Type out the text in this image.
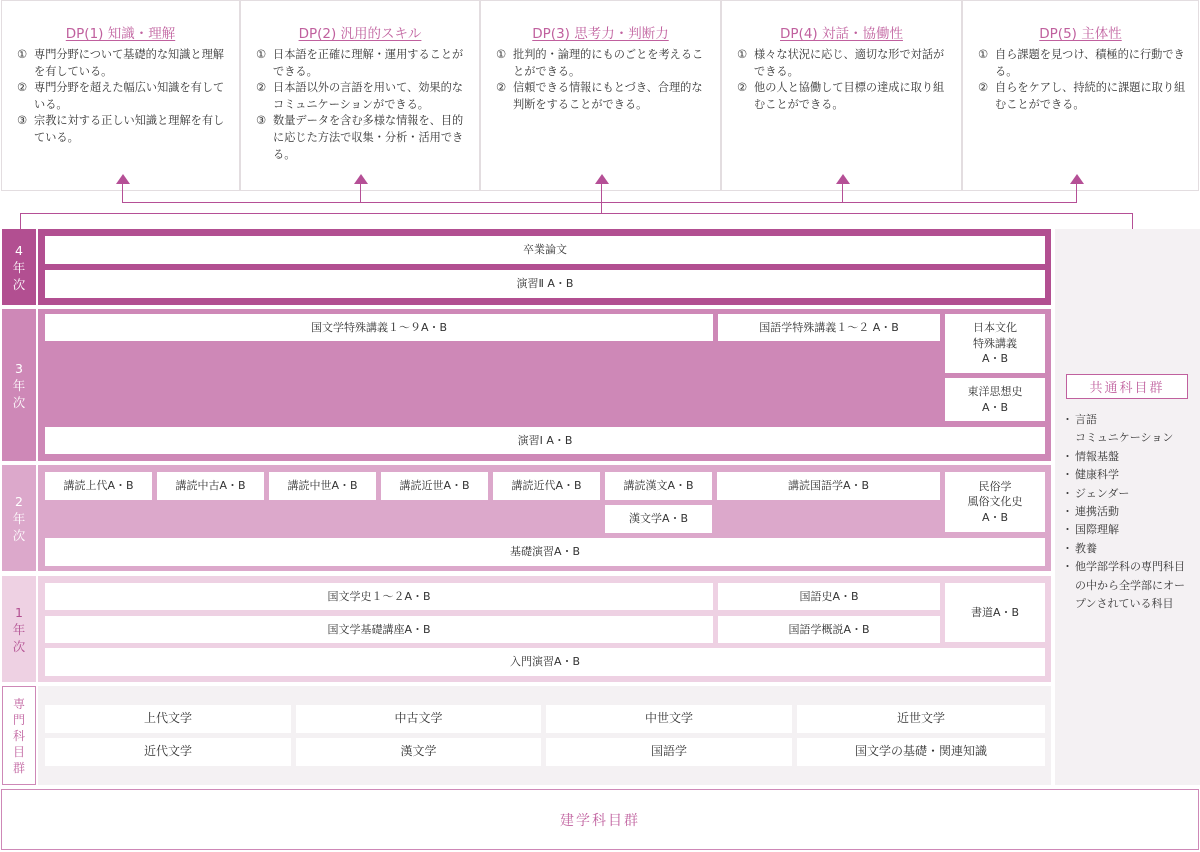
DP(1) 知識・理解
① 専門分野について基礎的な知識と理解を有している。
② 専門分野を超えた幅広い知識を有している。
③ 宗教に対する正しい知識と理解を有している。
DP(2) 汎用的スキル
① 日本語を正確に理解・運用することができる。
② 日本語以外の言語を用いて、効果的なコミュニケーションができる。
③ 数量データを含む多様な情報を、目的に応じた方法で収集・分析・活用できる。
DP(3) 思考力・判断力
① 批判的・論理的にものごとを考えることができる。
② 信頼できる情報にもとづき、合理的な判断をすることができる。
DP(4) 対話・協働性
① 様々な状況に応じ、適切な形で対話ができる。
② 他の人と協働して目標の達成に取り組むことができる。
DP(5) 主体性
① 自ら課題を見つけ、積極的に行動できる。
② 自らをケアし、持続的に課題に取り組むことができる。
共通科目群
・ 言語
コミュニケーション
・ 情報基盤
・ 健康科学
・ ジェンダー
・ 連携活動
・ 国際理解
・ 教養
・ 他学部学科の専門科目の中から全学部にオープンされている科目
4
年
次
卒業論文
演習Ⅱ A・B
3
年
次
国文学特殊講義１〜９A・B	国語学特殊講義１〜２ A・B	日本文化
特殊講義
A・B
東洋思想史
A・B
演習Ⅰ A・B
2
年
次
講読上代A・B	講読中古A・B	講読中世A・B	講読近世A・B	講読近代A・B	講読漢文A・B	講読国語学A・B	民俗学
風俗文化史
A・B
漢文学A・B
基礎演習A・B
1
年
次
国文学史１〜２A・B	国語史A・B
書道A・B
国文学基礎講座A・B	国語学概説A・B
入門演習A・B
専
門
科
目
群
上代文学	中古文学	中世文学	近世文学
近代文学	漢文学	国語学	国文学の基礎・関連知識
建学科目群
